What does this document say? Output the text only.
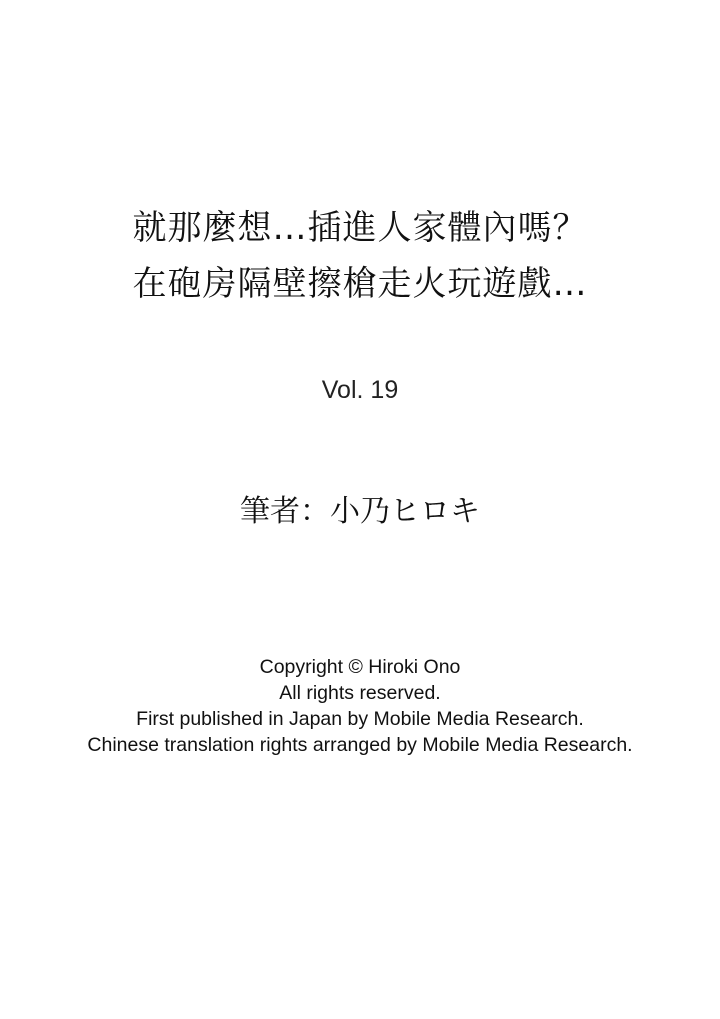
就那麼想…插進人家體內嗎？
在砲房隔壁擦槍走火玩遊戲…
Vol. 19
筆者：小乃ヒロキ
Copyright © Hiroki Ono
All rights reserved.
First published in Japan by Mobile Media Research.
Chinese translation rights arranged by Mobile Media Research.
